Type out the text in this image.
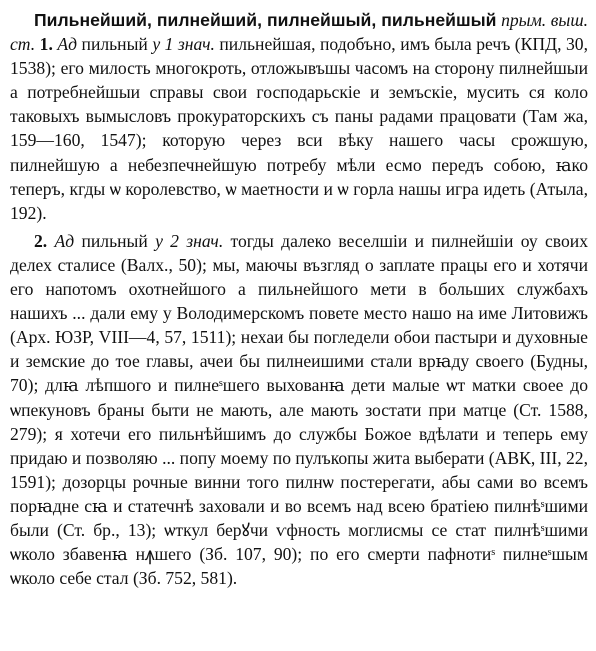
Пильнейший, пилнейший, пилнейшый, пильнейшый прым. выш. ст. 1. Ад пильный у 1 знач. пильнейшая, подобъно, имъ была речъ (КПД, 30, 1538); его милость многокроть, отложывъшы часомъ на сторону пилнейшыи а потребнейшыи справы свои господарьскіе и земъскіе, мусить ся коло таковыхъ вымысловъ прокураторскихъ съ паны радами працовати (Там жа, 159—160, 1547); которую через вси вѣку нашего часы срожшую, пилнейшую а небезпечнейшую потребу мѣли есмо передъ собою, ꙗко теперъ, кгды ѡ королевство, ѡ маетности и ѡ горла нашы игра идеть (Атыла, 192).

2. Ад пильный у 2 знач. тогды далеко веселшіи и пилнейшіи оу своих делех сталисе (Валх., 50); мы, маючы възгляд о заплате працы его и хотячи его напотомъ охотнейшого а пильнейшого мети в больших службахъ нашихъ ... дали ему у Володимерскомъ повете место нашо на име Литовижъ (Арх. ЮЗР, VIII—4, 57, 1511); нехаи бы погледели обои пастыри и духовные и земские до тое главы, ачеи бы пилнеишими стали врꙗду своего (Будны, 70); длꙗ лѣпшого и пилнеˢшего выхованꙗ дети малые ѡт матки своее до ѡпекуновъ браны быти не мають, але мають зостати при матце (Ст. 1588, 279); я хотечи его пильнѣйшимъ до службы Божое вдѣлати и теперь ему придаю и позволяю ... попу моему по пулъкопы жита выберати (АВК, III, 22, 1591); дозорцы рочные винни того пилнѡ постерегати, абы сами во всемъ порꙗдне сꙗ и статечнѣ заховали и во всемъ над всею братіею пилнѣˢшими были (Ст. бр., 13); ѡткул берꙋчи ѵфность моглисмы се стат пилнѣˢшими ѡколо збавенꙗ нꙟшего (Зб. 107, 90); по его смерти пафнотиˢ пилнеˢшым ѡколо себе стал (Зб. 752, 581).
